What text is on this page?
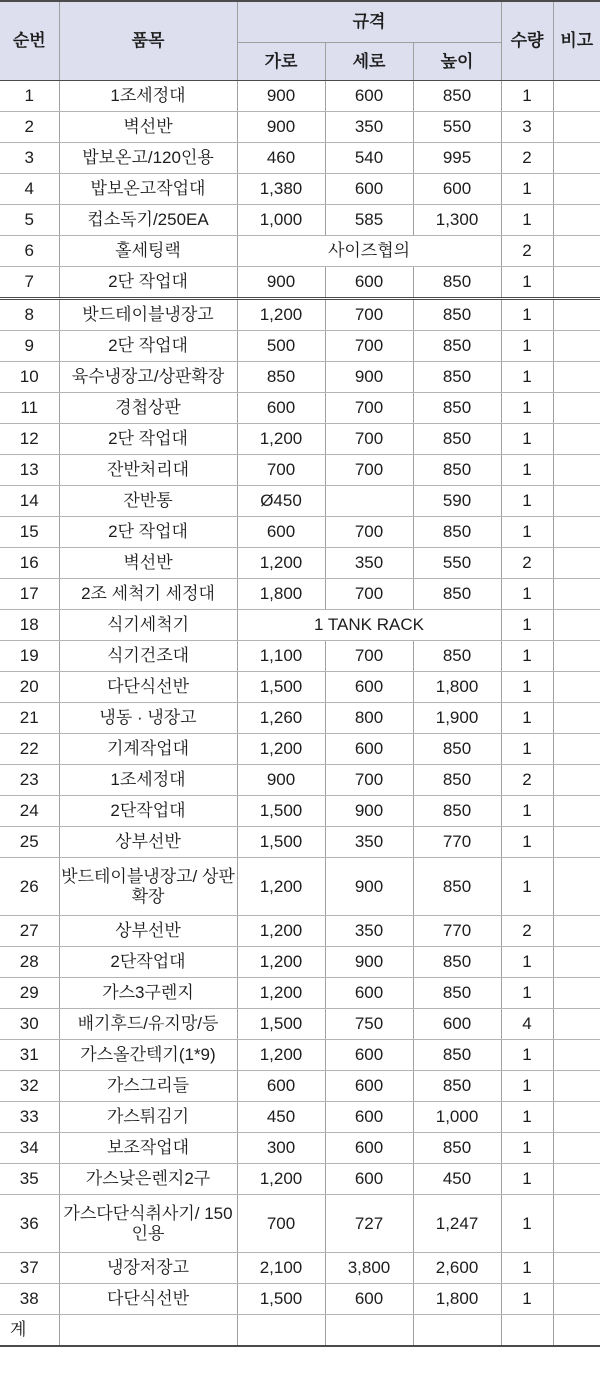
순번	품목	규격			수량	비고
		가로	세로	높이		
1	1조세정대	900	600	850	1	
2	벽선반	900	350	550	3	
3	밥보온고/120인용	460	540	995	2	
4	밥보온고작업대	1,380	600	600	1	
5	컵소독기/250EA	1,000	585	1,300	1	
6	홀세팅랙	사이즈협의			2	
7	2단 작업대	900	600	850	1	
8	밧드테이블냉장고	1,200	700	850	1	
9	2단 작업대	500	700	850	1	
10	육수냉장고/상판확장	850	900	850	1	
11	경첩상판	600	700	850	1	
12	2단 작업대	1,200	700	850	1	
13	잔반처리대	700	700	850	1	
14	잔반통	Ø450		590	1	
15	2단 작업대	600	700	850	1	
16	벽선반	1,200	350	550	2	
17	2조 세척기 세정대	1,800	700	850	1	
18	식기세척기	1 TANK RACK			1	
19	식기건조대	1,100	700	850	1	
20	다단식선반	1,500	600	1,800	1	
21	냉동 · 냉장고	1,260	800	1,900	1	
22	기계작업대	1,200	600	850	1	
23	1조세정대	900	700	850	2	
24	2단작업대	1,500	900	850	1	
25	상부선반	1,500	350	770	1	
26	밧드테이블냉장고/ 상판확장	1,200	900	850	1	
27	상부선반	1,200	350	770	2	
28	2단작업대	1,200	900	850	1	
29	가스3구렌지	1,200	600	850	1	
30	배기후드/유지망/등	1,500	750	600	4	
31	가스올간텍기(1*9)	1,200	600	850	1	
32	가스그리들	600	600	850	1	
33	가스튀김기	450	600	1,000	1	
34	보조작업대	300	600	850	1	
35	가스낮은렌지2구	1,200	600	450	1	
36	가스다단식취사기/ 150인용	700	727	1,247	1	
37	냉장저장고	2,100	3,800	2,600	1	
38	다단식선반	1,500	600	1,800	1	
계						
